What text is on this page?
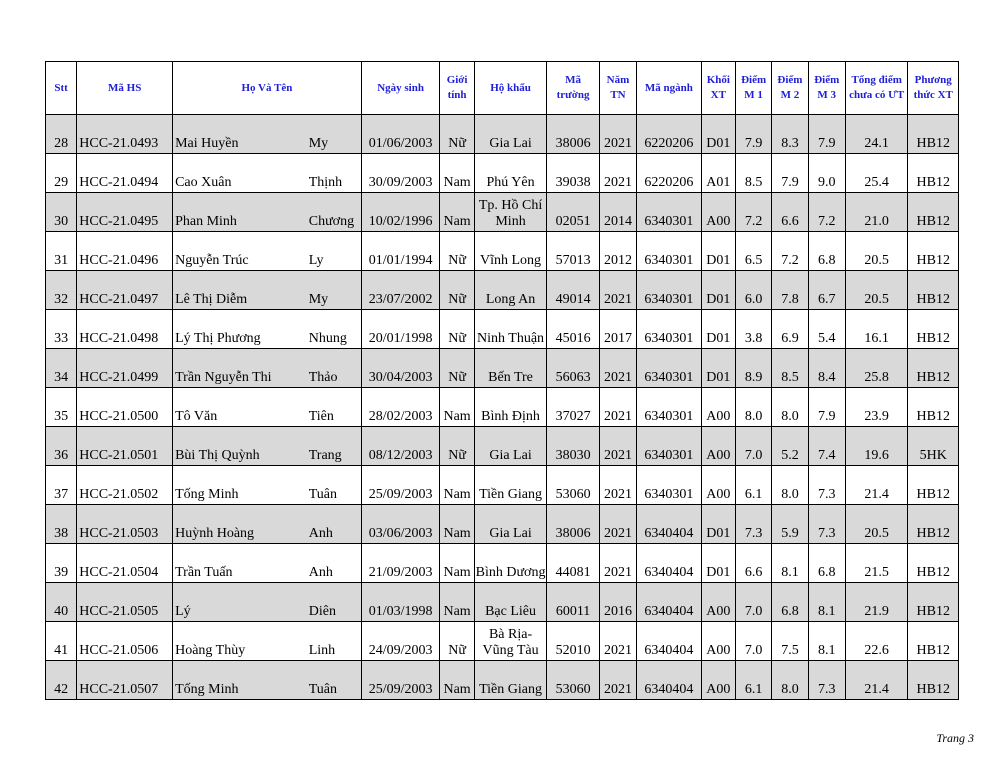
Stt	Mã HS	Họ Và Tên	Ngày sinh	Giới tính	Hộ khẩu	Mã trường	Năm TN	Mã ngành	Khối XT	Điểm M 1	Điểm M 2	Điểm M 3	Tổng điểm chưa có ƯT	Phương thức XT
28	HCC-21.0493	Mai Huyền My	01/06/2003	Nữ	Gia Lai	38006	2021	6220206	D01	7.9	8.3	7.9	24.1	HB12
29	HCC-21.0494	Cao Xuân Thịnh	30/09/2003	Nam	Phú Yên	39038	2021	6220206	A01	8.5	7.9	9.0	25.4	HB12
30	HCC-21.0495	Phan Minh Chương	10/02/1996	Nam	Tp. Hồ Chí Minh	02051	2014	6340301	A00	7.2	6.6	7.2	21.0	HB12
31	HCC-21.0496	Nguyễn Trúc Ly	01/01/1994	Nữ	Vĩnh Long	57013	2012	6340301	D01	6.5	7.2	6.8	20.5	HB12
32	HCC-21.0497	Lê Thị Diễm My	23/07/2002	Nữ	Long An	49014	2021	6340301	D01	6.0	7.8	6.7	20.5	HB12
33	HCC-21.0498	Lý Thị Phương Nhung	20/01/1998	Nữ	Ninh Thuận	45016	2017	6340301	D01	3.8	6.9	5.4	16.1	HB12
34	HCC-21.0499	Trần Nguyễn Thi Thảo	30/04/2003	Nữ	Bến Tre	56063	2021	6340301	D01	8.9	8.5	8.4	25.8	HB12
35	HCC-21.0500	Tô Văn Tiên	28/02/2003	Nam	Bình Định	37027	2021	6340301	A00	8.0	8.0	7.9	23.9	HB12
36	HCC-21.0501	Bùi Thị Quỳnh Trang	08/12/2003	Nữ	Gia Lai	38030	2021	6340301	A00	7.0	5.2	7.4	19.6	5HK
37	HCC-21.0502	Tống Minh Tuân	25/09/2003	Nam	Tiền Giang	53060	2021	6340301	A00	6.1	8.0	7.3	21.4	HB12
38	HCC-21.0503	Huỳnh Hoàng Anh	03/06/2003	Nam	Gia Lai	38006	2021	6340404	D01	7.3	5.9	7.3	20.5	HB12
39	HCC-21.0504	Trần Tuấn Anh	21/09/2003	Nam	Bình Dương	44081	2021	6340404	D01	6.6	8.1	6.8	21.5	HB12
40	HCC-21.0505	Lý Diên	01/03/1998	Nam	Bạc Liêu	60011	2016	6340404	A00	7.0	6.8	8.1	21.9	HB12
41	HCC-21.0506	Hoàng Thùy Linh	24/09/2003	Nữ	Bà Rịa-Vũng Tàu	52010	2021	6340404	A00	7.0	7.5	8.1	22.6	HB12
42	HCC-21.0507	Tống Minh Tuân	25/09/2003	Nam	Tiền Giang	53060	2021	6340404	A00	6.1	8.0	7.3	21.4	HB12
Trang 3
